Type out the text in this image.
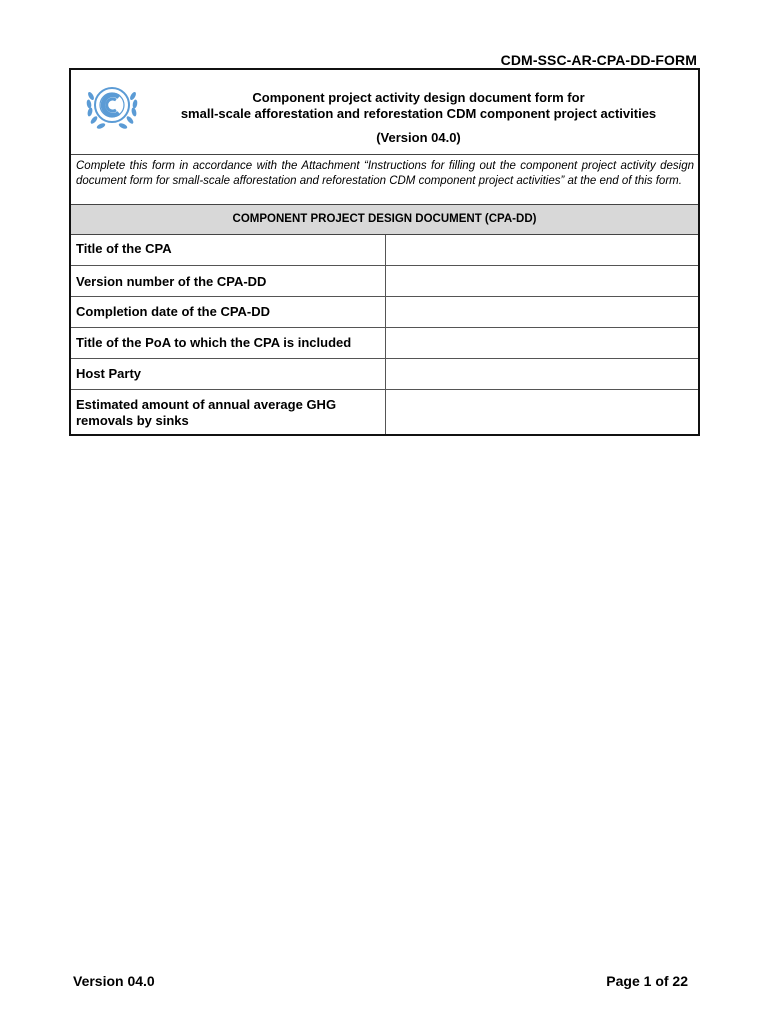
CDM-SSC-AR-CPA-DD-FORM
Component project activity design document form for
small-scale afforestation and reforestation CDM component project activities
(Version 04.0)
Complete this form in accordance with the Attachment “Instructions for filling out the component project activity design document form for small-scale afforestation and reforestation CDM component project activities” at the end of this form.
COMPONENT PROJECT DESIGN DOCUMENT (CPA-DD)
Title of the CPA	
Version number of the CPA-DD	
Completion date of the CPA-DD	
Title of the PoA to which the CPA is included	
Host Party	
Estimated amount of annual average GHG removals by sinks	
Version 04.0	Page 1 of 22
